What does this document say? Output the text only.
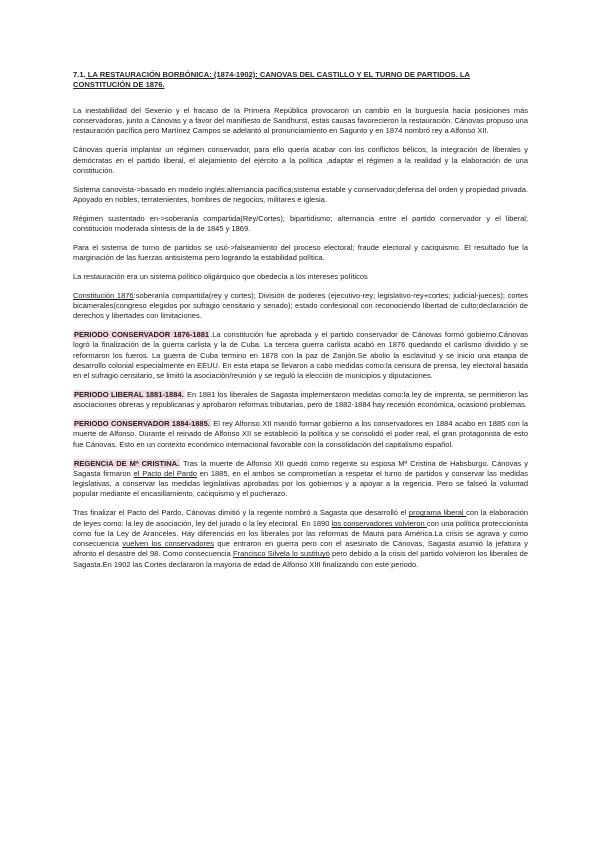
7.1. LA RESTAURACIÓN BORBÓNICA: (1874-1902): CANOVAS DEL CASTILLO Y EL TURNO DE PARTIDOS. LA CONSTITUCIÓN DE 1876.

La inestabilidad del Sexenio y el fracaso de la Primera República provocaron un cambio en la burguesía hacia posiciones más conservadoras, junto a Cánovas y a favor del manifiesto de Sandhurst, estas causas favorecieron la restauración. Cánovas propuso una restauración pacífica pero Martínez Campos se adelantó al pronunciamiento en Sagunto y en 1874 nombró rey a Alfonso XII.

Cánovas quería implantar un régimen conservador, para ello quería acabar con los conflictos bélicos, la integración de liberales y demócratas en el partido liberal, el alejamiento del ejército a la política ,adaptar el régimen a la realidad y la elaboración de una constitución.

Sistema canovista->basado en modelo inglés:alternancia pacífica;sistema estable y conservador;defensa del orden y propiedad privada. Apoyado en nobles, terratenientes, hombres de negocios, militares e iglesia.

Régimen sustentado en->soberanía compartida(Rey/Cortes); bipartidismo; alternancia entre el partido conservador y el liberal; constitución moderada síntesis de la de 1845 y 1869.

Para el sistema de turno de partidos se usó->falseamiento del proceso electoral; fraude electoral y caciquismo. El resultado fue la marginación de las fuerzas antisistema pero logrando la estabilidad política.

La restauración era un sistema político oligárquico que obedecía a los intereses políticos

Constitución 1876:soberanía compartida(rey y cortes); División de poderes (ejecutivo-rey; legislativo-rey+cortes; judicial-jueces); cortes bicamerales(congreso elegidos por sufragio censitario y senado); estado confesional con reconociendo libertad de culto;declaración de derechos y libertades con limitaciones.

PERIODO CONSERVADOR 1876-1881.La constitución fue aprobada y el partido conservador de Cánovas formó gobierno.Cánovas logró la finalización de la guerra carlista y la de Cuba. La tercera guerra carlista acabó en 1876 quedando el carlismo dividido y se reformaron los fueros. La guerra de Cuba termino en 1878 con la paz de Zanjón.Se abolio la esclavitud y se inicio una etaapa de desarrollo colonial especialmente en EEUU. En esta etapa se llevaron a cabo medidas como:la censura de prensa, ley electoral basada en el sufragio censitario, se limitó la asociación/reunión y se reguló la elección de municipios y diputaciones.

PERIODO LIBERAL 1881-1884. En 1881 los liberales de Sagasta implementaron medidas como:la ley de imprenta, se permitieron las asociaciones obreras y republicanas y aprobaron reformas tributarias, pero de 1882-1884 hay recesión económica, ocasionó problemas.

PERIODO CONSERVADOR 1884-1885. El rey Alfonso XII mandó formar gobierno a los conservadores en 1884 acabo en 1885 con la muerte de Alfonso. Durante el reinado de Alfonso XII se estableció la política y se consolidó el poder real, el gran protagonista de esto fue Cánovas. Esto en un contexto económico internacional favorable con la consolidación del capitalismo español.

REGENCIA DE Mª CRISTINA. Tras la muerte de Alfonso XII quedó como regente su esposa Mª Cristina de Habsburgo. Cánovas y Sagasta firmaron el Pacto del Pardo en 1885, en el ambos se comprometían a respetar el turno de partidos y conservar las medidas legislativas, a conservar las medidas legislativas aprobadas por los gobiernos y a apoyar a la regencia. Pero se falseó la voluntad popular mediante el encasillamiento, caciquismo y el pucherazo.

Tras finalizar el Pacto del Pardo, Cánovas dimitió y la regente nombró a Sagasta que desarrolló el programa liberal con la elaboración de leyes como: la ley de asociación, ley del jurado o la ley electoral. En 1890 los conservadores volvieron con una política proteccionista como fue la Ley de Aranceles. Hay diferencias en los liberales por las reformas de Maura para América.La crisis se agrava y como consecuencia vuelven los conservadores que entraron en guerra pero con el asesinato de Cánovas, Sagasta asumió la jefatura y afronto el desastre del 98. Como consecuencia Francisco Silvela lo sustituyó pero debido a la crisis del partido volvieron los liberales de Sagasta.En 1902 las Cortes declararon la mayoría de edad de Alfonso XIII finalizando con este periodo.
